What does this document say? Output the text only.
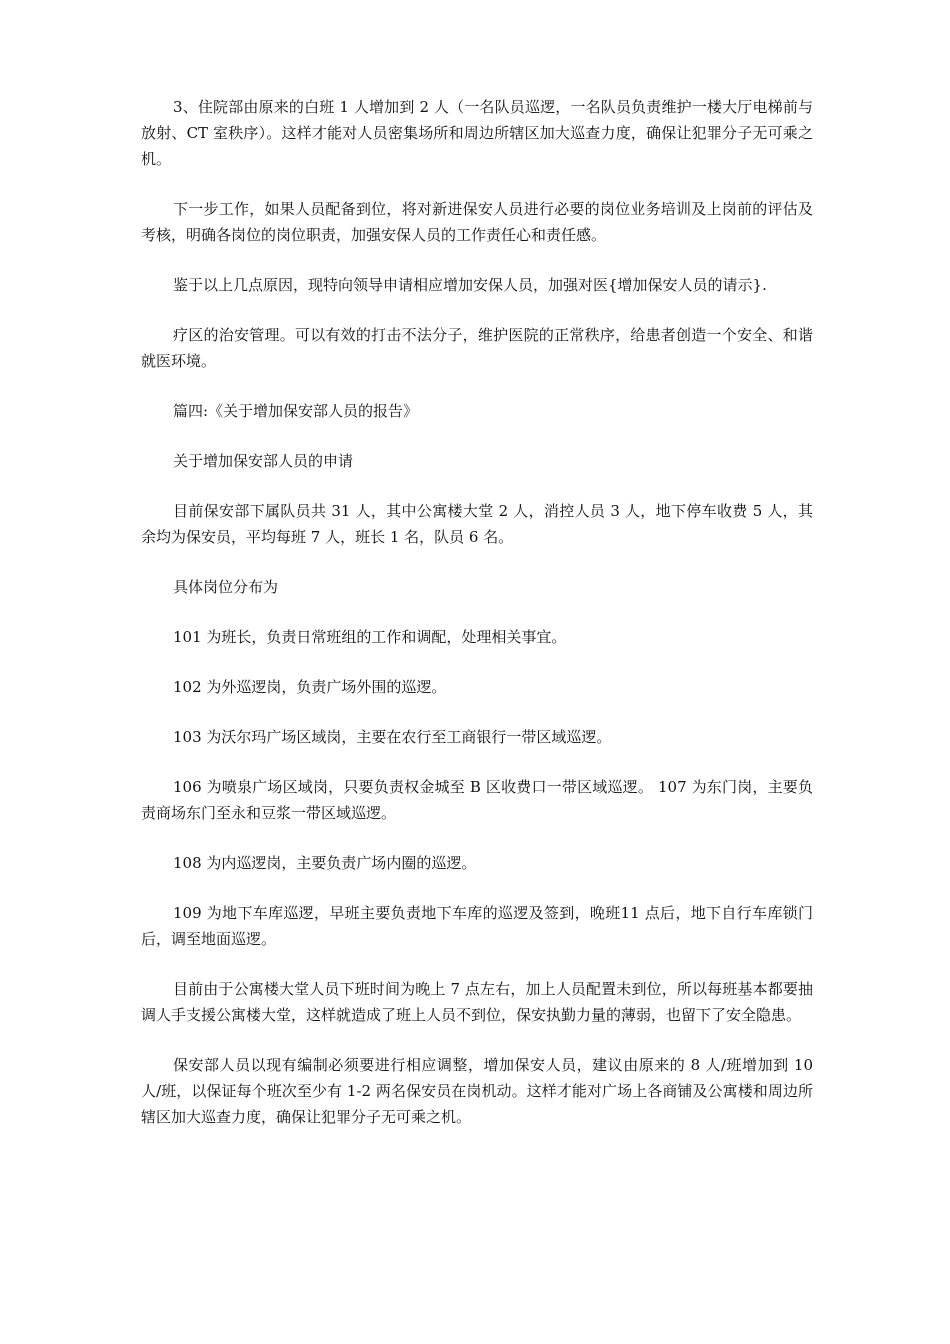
3、住院部由原来的白班 1 人增加到 2 人（一名队员巡逻，一名队员负责维护一楼大厅电梯前与放射、CT 室秩序）。这样才能对人员密集场所和周边所辖区加大巡查力度，确保让犯罪分子无可乘之机。

下一步工作，如果人员配备到位，将对新进保安人员进行必要的岗位业务培训及上岗前的评估及考核，明确各岗位的岗位职责，加强安保人员的工作责任心和责任感。

鉴于以上几点原因，现特向领导申请相应增加安保人员，加强对医{增加保安人员的请示}.

疗区的治安管理。可以有效的打击不法分子，维护医院的正常秩序，给患者创造一个安全、和谐就医环境。

篇四:《关于增加保安部人员的报告》

关于增加保安部人员的申请

目前保安部下属队员共 31 人，其中公寓楼大堂 2 人，消控人员 3 人，地下停车收费 5 人，其余均为保安员，平均每班 7 人，班长 1 名，队员 6 名。

具体岗位分布为

101 为班长，负责日常班组的工作和调配，处理相关事宜。

102 为外巡逻岗，负责广场外围的巡逻。

103 为沃尔玛广场区域岗，主要在农行至工商银行一带区域巡逻。

106 为喷泉广场区域岗，只要负责权金城至 B 区收费口一带区域巡逻。 107 为东门岗，主要负责商场东门至永和豆浆一带区域巡逻。

108 为内巡逻岗，主要负责广场内圈的巡逻。

109 为地下车库巡逻，早班主要负责地下车库的巡逻及签到，晚班11 点后，地下自行车库锁门后，调至地面巡逻。

目前由于公寓楼大堂人员下班时间为晚上 7 点左右，加上人员配置未到位，所以每班基本都要抽调人手支援公寓楼大堂，这样就造成了班上人员不到位，保安执勤力量的薄弱，也留下了安全隐患。

保安部人员以现有编制必须要进行相应调整，增加保安人员，建议由原来的 8 人/班增加到 10 人/班，以保证每个班次至少有 1-2 两名保安员在岗机动。这样才能对广场上各商铺及公寓楼和周边所辖区加大巡查力度，确保让犯罪分子无可乘之机。
